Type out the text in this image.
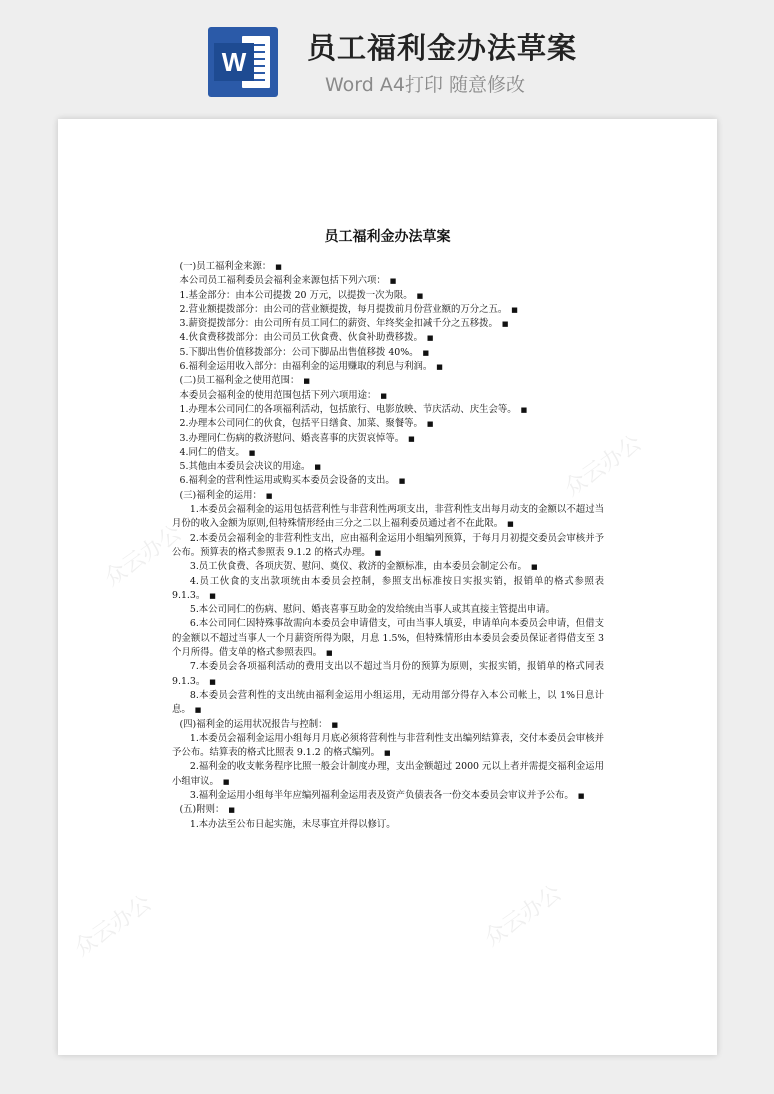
W 员工福利金办法草案
Word A4打印 随意修改
众云办公
众云办公
众云办公	众云办公
员工福利金办法草案

(一)员工福利金来源： ■

本公司员工福利委员会福利金来源包括下列六项： ■

1.基金部分：由本公司提拨 20 万元，以提拨一次为限。 ■

2.营业额提拨部分：由公司的营业额提拨，每月提拨前月份营业额的万分之五。 ■

3.薪资提拨部分：由公司所有员工同仁的薪资、年终奖金扣减千分之五移拨。 ■

4.伙食费移拨部分：由公司员工伙食费、伙食补助费移拨。 ■

5.下脚出售价值移拨部分：公司下脚品出售值移拨 40%。 ■

6.福利金运用收入部分：由福利金的运用赚取的利息与利润。 ■

(二)员工福利金之使用范围： ■

本委员会福利金的使用范围包括下列六项用途： ■

1.办理本公司同仁的各项福利活动，包括旅行、电影放映、节庆活动、庆生会等。 ■

2.办理本公司同仁的伙食，包括平日缮食、加菜、聚餐等。 ■

3.办理同仁伤病的救济慰问、婚丧喜事的庆贺哀悼等。 ■

4.同仁的借支。 ■

5.其他由本委员会决议的用途。 ■

6.福利金的营利性运用或购买本委员会设备的支出。 ■

(三)福利金的运用： ■

1.本委员会福利金的运用包括营利性与非营利性两项支出，非营利性支出每月动支的金额以不超过当月份的收入金额为原则,但特殊情形经由三分之二以上福利委员通过者不在此限。 ■

2.本委员会福利金的非营利性支出，应由福利金运用小组编列预算，于每月月初提交委员会审核并予公布。预算表的格式参照表 9.1.2 的格式办理。 ■

3.员工伙食费、各项庆贺、慰问、奠仪、救济的金额标准，由本委员会制定公布。 ■

4.员工伙食的支出款项统由本委员会控制，参照支出标准按日实报实销，报销单的格式参照表 9.1.3。 ■

5.本公司同仁的伤病、慰问、婚丧喜事互助金的发给统由当事人或其直接主管提出申请。

6.本公司同仁因特殊事故需向本委员会申请借支，可由当事人填妥，申请单向本委员会申请，但借支的金额以不超过当事人一个月薪资所得为限，月息 1.5%，但特殊情形由本委员会委员保证者得借支至 3 个月所得。借支单的格式参照表四。 ■

7.本委员会各项福利活动的费用支出以不超过当月份的预算为原则，实报实销，报销单的格式同表 9.1.3。 ■

8.本委员会营利性的支出统由福利金运用小组运用，无动用部分得存入本公司帐上，以 1%日息计息。 ■

(四)福利金的运用状况报告与控制： ■

1.本委员会福利金运用小组每月月底必须将营利性与非营利性支出编列结算表，交付本委员会审核并予公布。结算表的格式比照表 9.1.2 的格式编列。 ■

2.福利金的收支帐务程序比照一般会计制度办理，支出金额超过 2000 元以上者并需提交福利金运用小组审议。 ■

3.福利金运用小组每半年应编列福利金运用表及资产负债表各一份交本委员会审议并予公布。 ■

(五)附则： ■

1.本办法至公布日起实施，未尽事宜并得以修订。
